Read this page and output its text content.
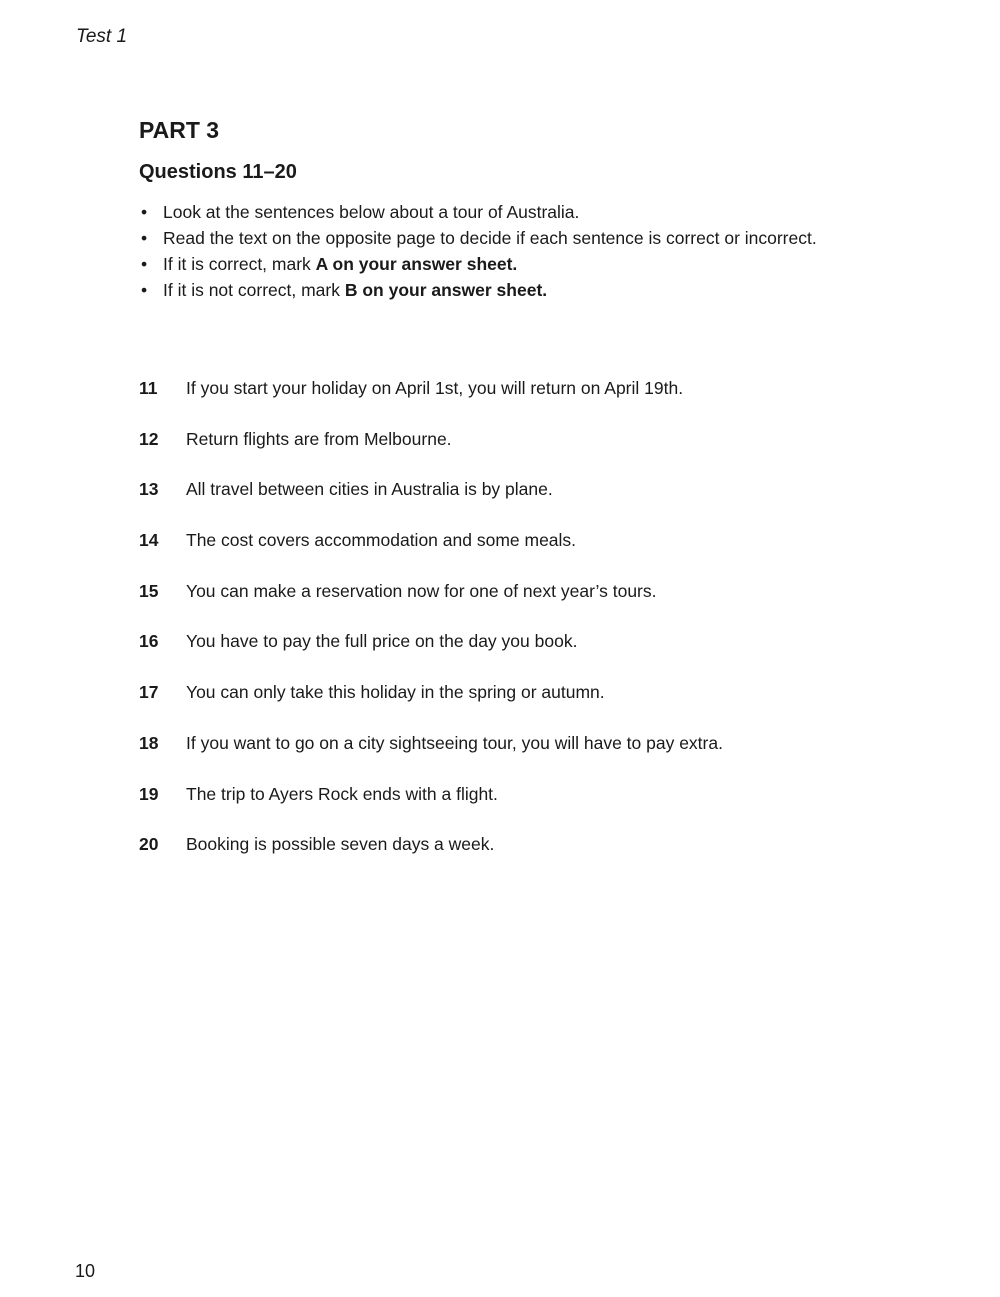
Test 1
PART 3
Questions 11–20
• Look at the sentences below about a tour of Australia.
• Read the text on the opposite page to decide if each sentence is correct or incorrect.
• If it is correct, mark A on your answer sheet.
• If it is not correct, mark B on your answer sheet.
11	If you start your holiday on April 1st, you will return on April 19th.
12	Return flights are from Melbourne.
13	All travel between cities in Australia is by plane.
14	The cost covers accommodation and some meals.
15	You can make a reservation now for one of next year’s tours.
16	You have to pay the full price on the day you book.
17	You can only take this holiday in the spring or autumn.
18	If you want to go on a city sightseeing tour, you will have to pay extra.
19	The trip to Ayers Rock ends with a flight.
20	Booking is possible seven days a week.
10
